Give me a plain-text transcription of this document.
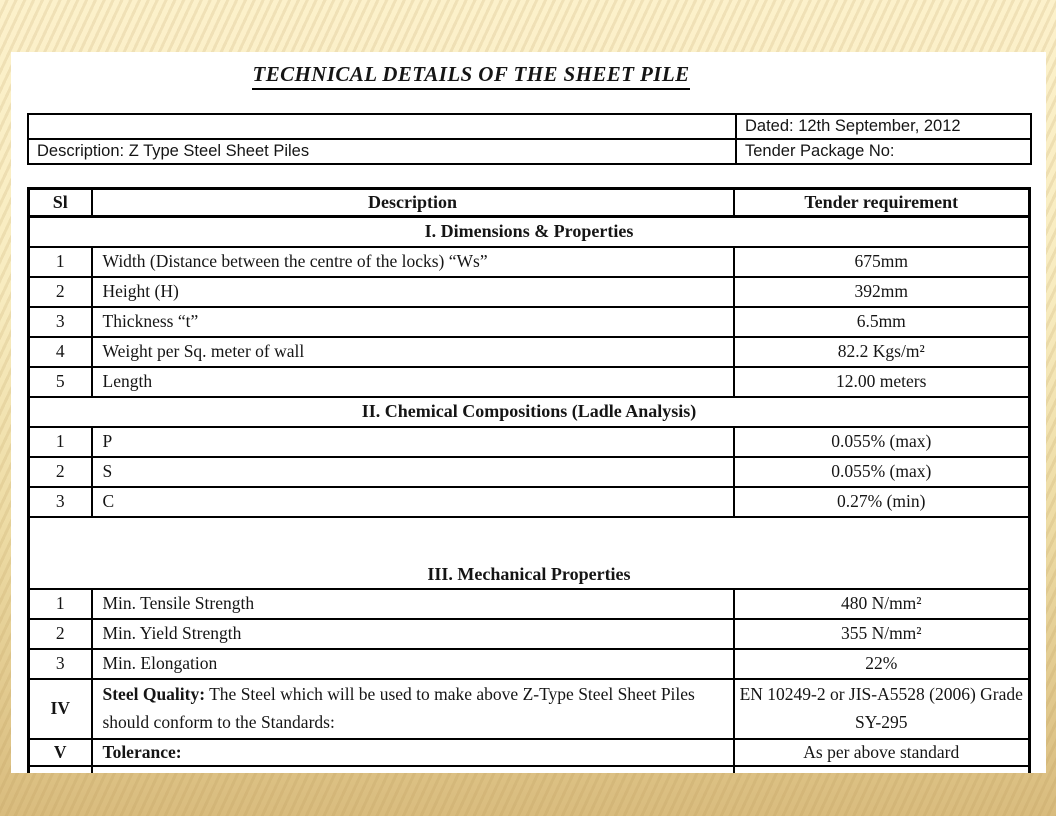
TECHNICAL DETAILS OF THE SHEET PILE
	Dated: 12th September, 2012
Description: Z Type Steel Sheet Piles	Tender Package No:
Sl	Description	Tender requirement
I. Dimensions & Properties		
1	Width (Distance between the centre of the locks) “Ws”	675mm
2	Height (H)	392mm
3	Thickness “t”	6.5mm
4	Weight per Sq. meter of wall	82.2 Kgs/m²
5	Length	12.00 meters
II. Chemical Compositions (Ladle Analysis)		
1	P	0.055% (max)
2	S	0.055% (max)
3	C	0.27% (min)
III. Mechanical Properties		
1	Min. Tensile Strength	480 N/mm²
2	Min. Yield Strength	355 N/mm²
3	Min. Elongation	22%
IV	Steel Quality: The Steel which will be used to make above Z-Type Steel Sheet Piles should conform to the Standards:	EN 10249-2 or JIS-A5528 (2006) Grade SY-295
V	Tolerance:	As per above standard
